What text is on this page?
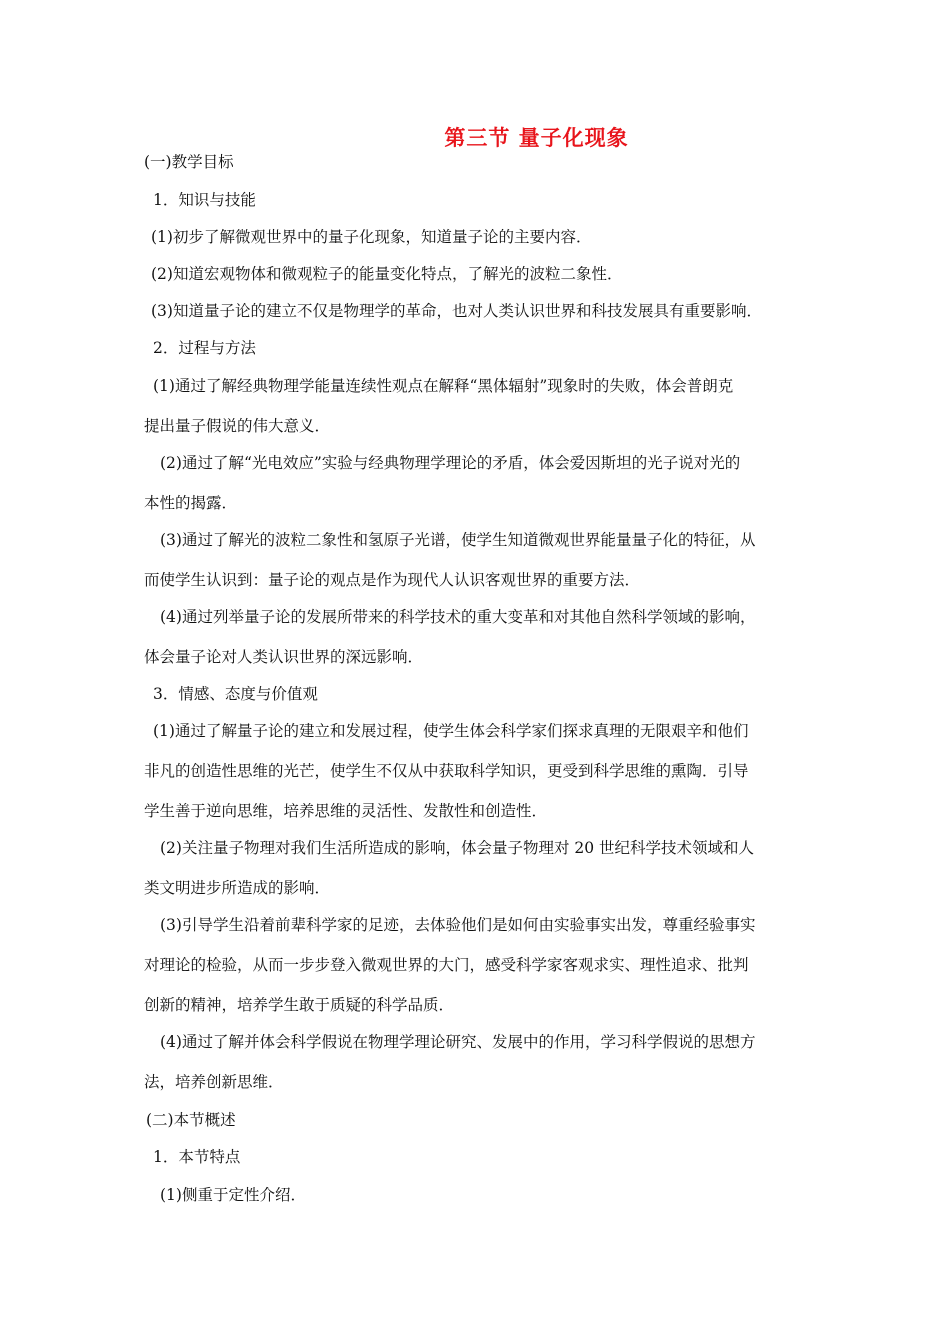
第三节 量子化现象
(一)教学目标
1．知识与技能
(1)初步了解微观世界中的量子化现象，知道量子论的主要内容．
(2)知道宏观物体和微观粒子的能量变化特点，了解光的波粒二象性．
(3)知道量子论的建立不仅是物理学的革命，也对人类认识世界和科技发展具有重要影响．
2．过程与方法
(1)通过了解经典物理学能量连续性观点在解释“黑体辐射”现象时的失败，体会普朗克
提出量子假说的伟大意义．
(2)通过了解“光电效应”实验与经典物理学理论的矛盾，体会爱因斯坦的光子说对光的
本性的揭露．
(3)通过了解光的波粒二象性和氢原子光谱，使学生知道微观世界能量量子化的特征，从
而使学生认识到：量子论的观点是作为现代人认识客观世界的重要方法．
(4)通过列举量子论的发展所带来的科学技术的重大变革和对其他自然科学领域的影响，
体会量子论对人类认识世界的深远影响．
3．情感、态度与价值观
(1)通过了解量子论的建立和发展过程，使学生体会科学家们探求真理的无限艰辛和他们
非凡的创造性思维的光芒，使学生不仅从中获取科学知识，更受到科学思维的熏陶．引导
学生善于逆向思维，培养思维的灵活性、发散性和创造性．
(2)关注量子物理对我们生活所造成的影响，体会量子物理对 20 世纪科学技术领域和人
类文明进步所造成的影响．
(3)引导学生沿着前辈科学家的足迹，去体验他们是如何由实验事实出发，尊重经验事实
对理论的检验，从而一步步登入微观世界的大门，感受科学家客观求实、理性追求、批判
创新的精神，培养学生敢于质疑的科学品质．
(4)通过了解并体会科学假说在物理学理论研究、发展中的作用，学习科学假说的思想方
法，培养创新思维．
(二)本节概述
1．本节特点
(1)侧重于定性介绍．
